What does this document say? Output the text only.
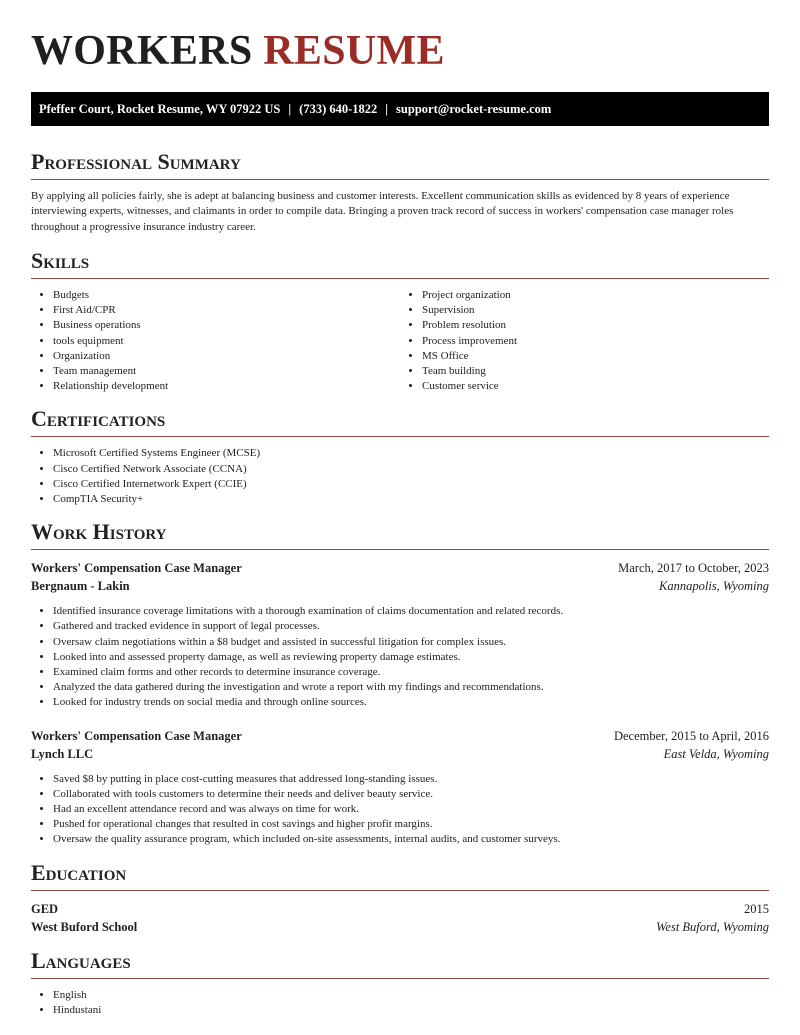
WORKERS RESUME
Pfeffer Court, Rocket Resume, WY 07922 US | (733) 640-1822 | support@rocket-resume.com
Professional Summary

By applying all policies fairly, she is adept at balancing business and customer interests. Excellent communication skills as evidenced by 8 years of experience interviewing experts, witnesses, and claimants in order to compile data. Bringing a proven track record of success in workers' compensation case manager roles throughout a progressive insurance industry career.

Skills
• Budgets
• First Aid/CPR
• Business operations
• tools equipment
• Organization
• Team management
• Relationship development
• Project organization
• Supervision
• Problem resolution
• Process improvement
• MS Office
• Team building
• Customer service
Certifications
• Microsoft Certified Systems Engineer (MCSE)
• Cisco Certified Network Associate (CCNA)
• Cisco Certified Internetwork Expert (CCIE)
• CompTIA Security+
Work History
Workers' Compensation Case Manager	March, 2017 to October, 2023
Bergnaum - Lakin	Kannapolis, Wyoming
• Identified insurance coverage limitations with a thorough examination of claims documentation and related records.
• Gathered and tracked evidence in support of legal processes.
• Oversaw claim negotiations within a $8 budget and assisted in successful litigation for complex issues.
• Looked into and assessed property damage, as well as reviewing property damage estimates.
• Examined claim forms and other records to determine insurance coverage.
• Analyzed the data gathered during the investigation and wrote a report with my findings and recommendations.
• Looked for industry trends on social media and through online sources.
Workers' Compensation Case Manager	December, 2015 to April, 2016
Lynch LLC	East Velda, Wyoming
• Saved $8 by putting in place cost-cutting measures that addressed long-standing issues.
• Collaborated with tools customers to determine their needs and deliver beauty service.
• Had an excellent attendance record and was always on time for work.
• Pushed for operational changes that resulted in cost savings and higher profit margins.
• Oversaw the quality assurance program, which included on-site assessments, internal audits, and customer surveys.
Education
GED	2015
West Buford School	West Buford, Wyoming
Languages
• English
• Hindustani
